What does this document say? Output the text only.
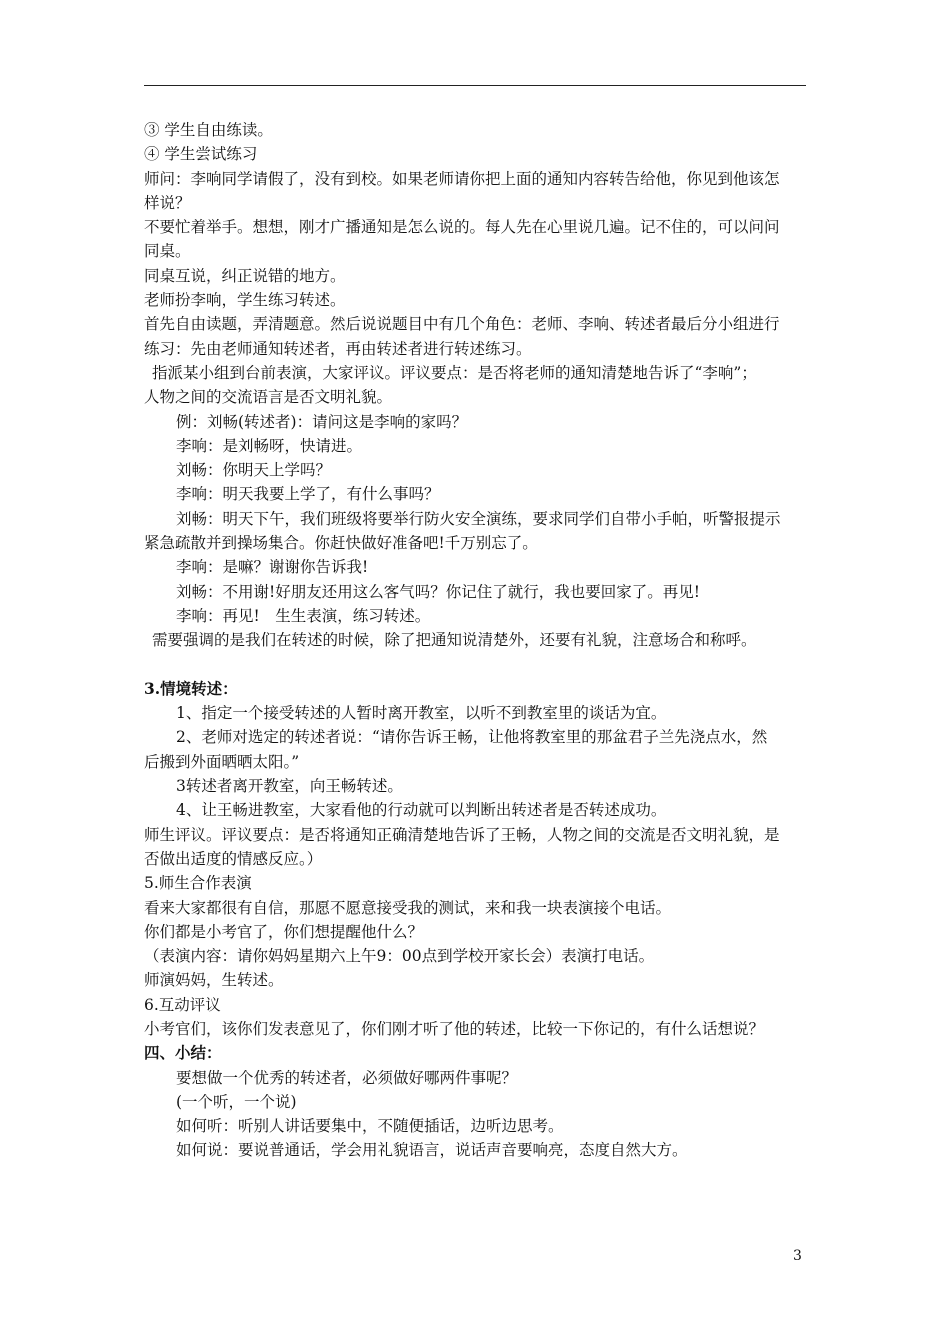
③ 学生自由练读。
④ 学生尝试练习
师问：李响同学请假了，没有到校。如果老师请你把上面的通知内容转告给他，你见到他该怎
样说？
不要忙着举手。想想，刚才广播通知是怎么说的。每人先在心里说几遍。记不住的，可以问问
同桌。
同桌互说，纠正说错的地方。
老师扮李响，学生练习转述。
首先自由读题，弄清题意。然后说说题目中有几个角色：老师、李响、转述者最后分小组进行
练习：先由老师通知转述者，再由转述者进行转述练习。
指派某小组到台前表演，大家评议。评议要点：是否将老师的通知清楚地告诉了“李响”；
人物之间的交流语言是否文明礼貌。
例：刘畅(转述者)：请问这是李响的家吗？
李响：是刘畅呀，快请进。
刘畅：你明天上学吗？
李响：明天我要上学了，有什么事吗？
刘畅：明天下午，我们班级将要举行防火安全演练，要求同学们自带小手帕，听警报提示
紧急疏散并到操场集合。你赶快做好准备吧!千万别忘了。
李响：是嘛？谢谢你告诉我!
刘畅：不用谢!好朋友还用这么客气吗？你记住了就行，我也要回家了。再见!
李响：再见!　生生表演，练习转述。
需要强调的是我们在转述的时候，除了把通知说清楚外，还要有礼貌，注意场合和称呼。
3.情境转述：
1、指定一个接受转述的人暂时离开教室，以听不到教室里的谈话为宜。
2、老师对选定的转述者说：“请你告诉王畅，让他将教室里的那盆君子兰先浇点水，然
后搬到外面晒晒太阳。”
3转述者离开教室，向王畅转述。
4、让王畅进教室，大家看他的行动就可以判断出转述者是否转述成功。
师生评议。评议要点：是否将通知正确清楚地告诉了王畅，人物之间的交流是否文明礼貌，是
否做出适度的情感反应。）
5.师生合作表演
看来大家都很有自信，那愿不愿意接受我的测试，来和我一块表演接个电话。
你们都是小考官了，你们想提醒他什么？
（表演内容：请你妈妈星期六上午9：00点到学校开家长会）表演打电话。
师演妈妈，生转述。
6.互动评议
小考官们，该你们发表意见了，你们刚才听了他的转述，比较一下你记的，有什么话想说？
四、小结：
要想做一个优秀的转述者，必须做好哪两件事呢？
(一个听，一个说)
如何听：听别人讲话要集中，不随便插话，边听边思考。
如何说：要说普通话，学会用礼貌语言，说话声音要响亮，态度自然大方。
3
